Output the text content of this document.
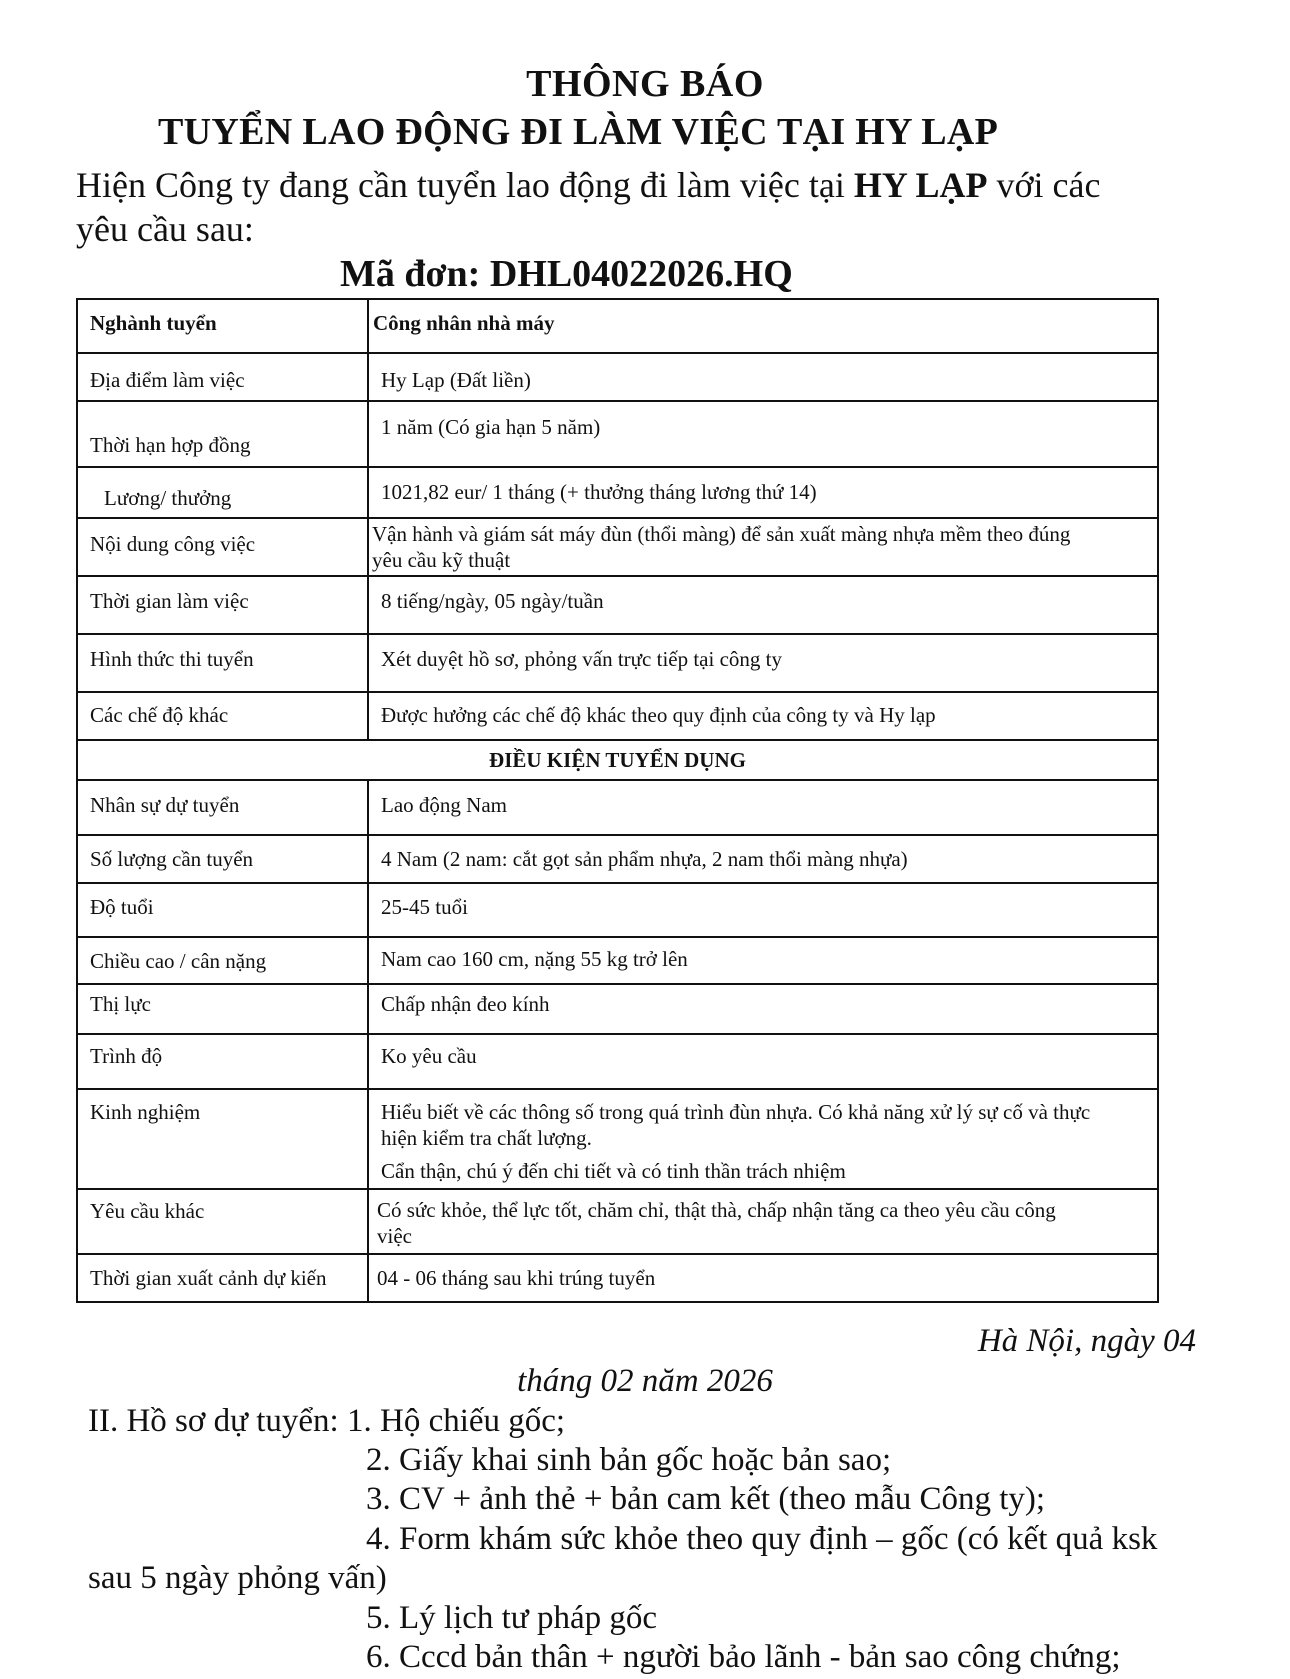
THÔNG BÁO
TUYỂN LAO ĐỘNG ĐI LÀM VIỆC TẠI HY LẠP
Hiện Công ty đang cần tuyển lao động đi làm việc tại HY LẠP với các
yêu cầu sau:
Mã đơn: DHL04022026.HQ
Nghành tuyển	Công nhân nhà máy
Địa điểm làm việc	Hy Lạp (Đất liền)
Thời hạn hợp đồng	1 năm (Có gia hạn 5 năm)
Lương/ thưởng	1021,82 eur/ 1 tháng (+ thưởng tháng lương thứ 14)
Nội dung công việc	Vận hành và giám sát máy đùn (thổi màng) để sản xuất màng nhựa mềm theo đúng
yêu cầu kỹ thuật

Thời gian làm việc	8 tiếng/ngày, 05 ngày/tuần
Hình thức thi tuyển	Xét duyệt hồ sơ, phỏng vấn trực tiếp tại công ty
Các chế độ khác	Được hưởng các chế độ khác theo quy định của công ty và Hy lạp
ĐIỀU KIỆN TUYỂN DỤNG	
Nhân sự dự tuyển	Lao động Nam
Số lượng cần tuyển	4 Nam (2 nam: cắt gọt sản phẩm nhựa, 2 nam thổi màng nhựa)
Độ tuổi	25-45 tuổi
Chiều cao / cân nặng	Nam cao 160 cm, nặng 55 kg trở lên
Thị lực	Chấp nhận đeo kính
Trình độ	Ko yêu cầu
Kinh nghiệm	Hiểu biết về các thông số trong quá trình đùn nhựa. Có khả năng xử lý sự cố và thực
hiện kiểm tra chất lượng.
Cẩn thận, chú ý đến chi tiết và có tinh thần trách nhiệm

Yêu cầu khác	Có sức khỏe, thể lực tốt, chăm chỉ, thật thà, chấp nhận tăng ca theo yêu cầu công
việc

Thời gian xuất cảnh dự kiến	04 - 06 tháng sau khi trúng tuyển
Hà Nội, ngày 04
tháng 02 năm 2026
II. Hồ sơ dự tuyển: 1. Hộ chiếu gốc;
2. Giấy khai sinh bản gốc hoặc bản sao;
3. CV + ảnh thẻ + bản cam kết (theo mẫu Công ty);
4. Form khám sức khỏe theo quy định – gốc (có kết quả ksk
sau 5 ngày phỏng vấn)
5. Lý lịch tư pháp gốc
6. Cccd bản thân + người bảo lãnh - bản sao công chứng;
